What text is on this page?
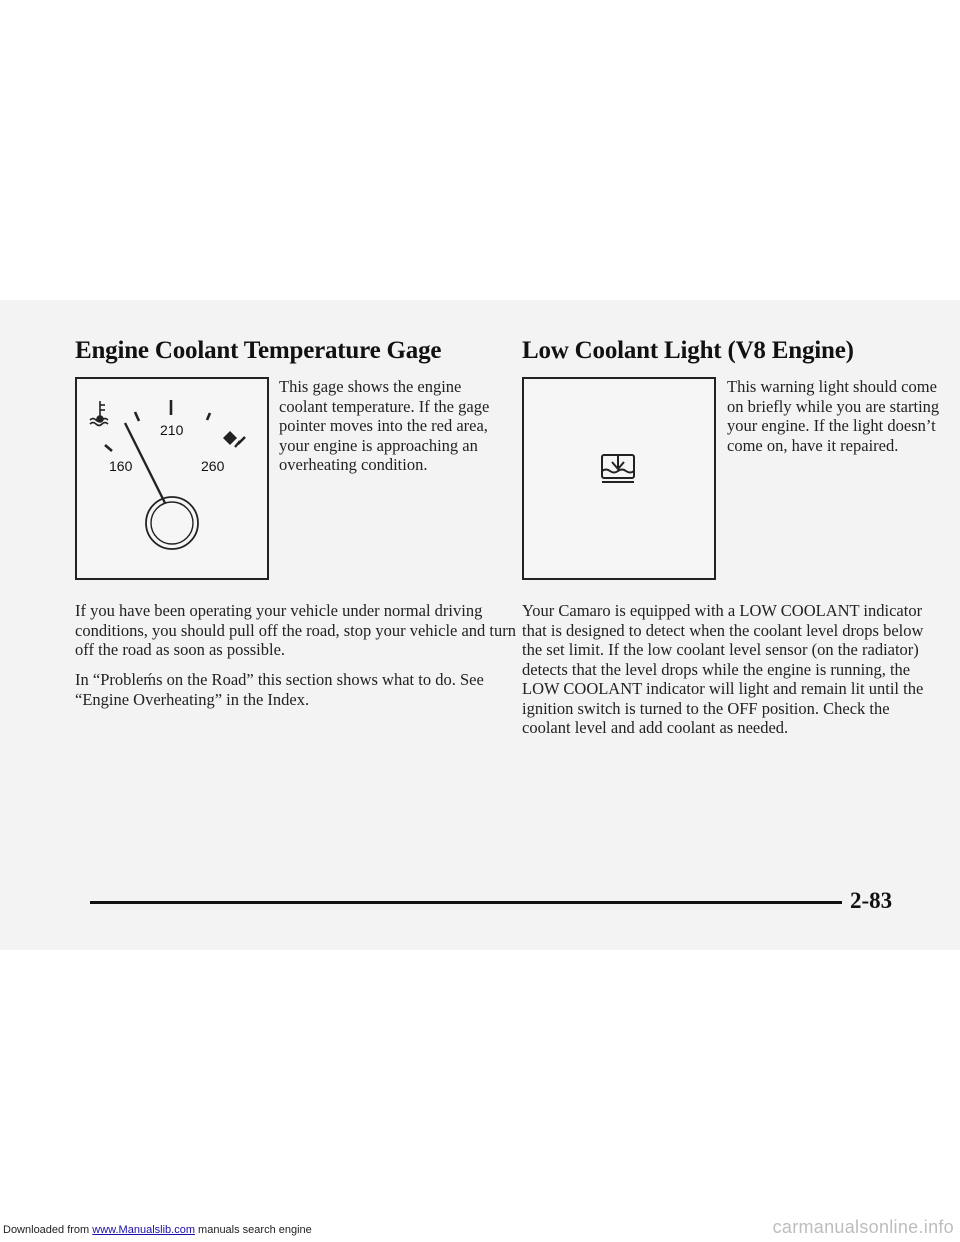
Engine Coolant Temperature Gage
210
160	260

This gage shows the engine coolant temperature. If the gage pointer moves into the red area, your engine is approaching an overheating condition.

If you have been operating your vehicle under normal driving conditions, you should pull off the road, stop your vehicle and turn off the road as soon as possible.

In “Probleḿs on the Road” this section shows what to do. See “Engine Overheating” in the Index.

Low Coolant Light (V8 Engine)

This warning light should come on briefly while you are starting your engine. If the light doesn’t come on, have it repaired.

Your Camaro is equipped with a LOW COOLANT indicator that is designed to detect when the coolant level drops below the set limit. If the low coolant level sensor (on the radiator) detects that the level drops while the engine is running, the LOW COOLANT indicator will light and remain lit until the ignition switch is turned to the OFF position. Check the coolant level and add coolant as needed.

2-83

Downloaded from www.Manualslib.com manuals search engine	carmanualsonline.info
